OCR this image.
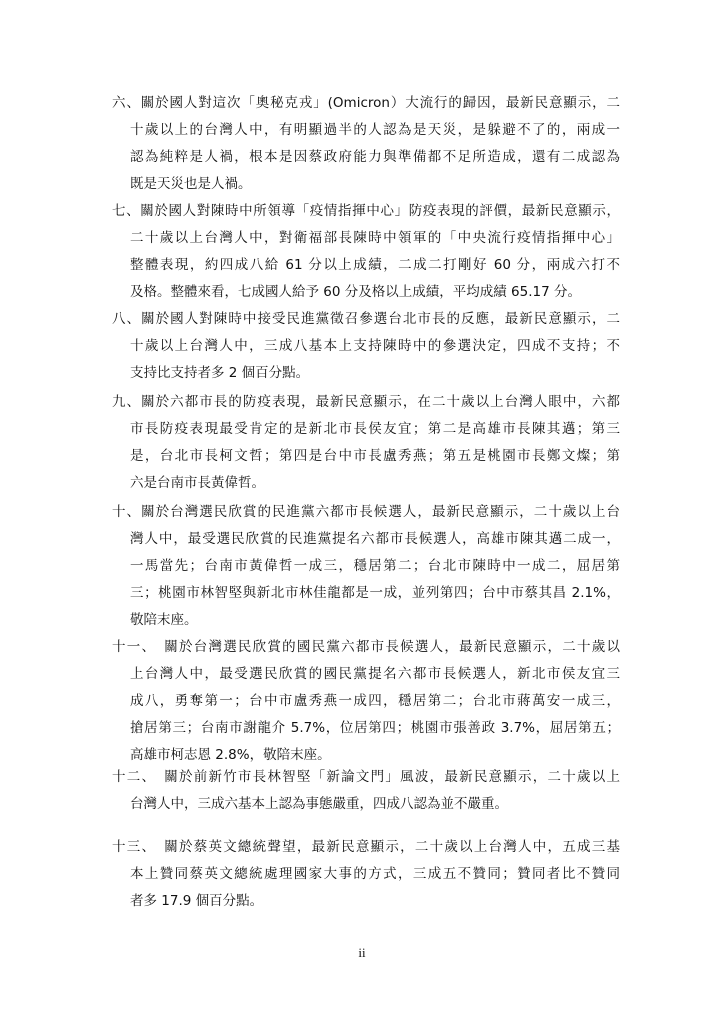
六、關於國人對這次「奧秘克戎」(Omicron）大流行的歸因，最新民意顯示，二
十歲以上的台灣人中，有明顯過半的人認為是天災，是躲避不了的，兩成一
認為純粹是人禍，根本是因蔡政府能力與準備都不足所造成，還有二成認為
既是天災也是人禍。
七、關於國人對陳時中所領導「疫情指揮中心」防疫表現的評價，最新民意顯示，
二十歲以上台灣人中，對衛福部長陳時中領軍的「中央流行疫情指揮中心」
整體表現，約四成八給 61 分以上成績，二成二打剛好 60 分，兩成六打不
及格。整體來看，七成國人給予 60 分及格以上成績，平均成績 65.17 分。
八、關於國人對陳時中接受民進黨徵召參選台北市長的反應，最新民意顯示，二
十歲以上台灣人中，三成八基本上支持陳時中的參選決定，四成不支持；不
支持比支持者多 2 個百分點。
九、關於六都市長的防疫表現，最新民意顯示，在二十歲以上台灣人眼中，六都
市長防疫表現最受肯定的是新北市長侯友宜；第二是高雄市長陳其邁；第三
是，台北市長柯文哲；第四是台中市長盧秀燕；第五是桃園市長鄭文燦；第
六是台南市長黃偉哲。
十、關於台灣選民欣賞的民進黨六都市長候選人，最新民意顯示，二十歲以上台
灣人中，最受選民欣賞的民進黨提名六都市長候選人，高雄市陳其邁二成一，
一馬當先；台南市黃偉哲一成三，穩居第二；台北市陳時中一成二，屈居第
三；桃園市林智堅與新北市林佳龍都是一成，並列第四；台中市蔡其昌 2.1%，
敬陪末座。
十一、　關於台灣選民欣賞的國民黨六都市長候選人，最新民意顯示，二十歲以
上台灣人中，最受選民欣賞的國民黨提名六都市長候選人，新北市侯友宜三
成八，勇奪第一；台中市盧秀燕一成四，穩居第二；台北市蔣萬安一成三，
搶居第三；台南市謝龍介 5.7%，位居第四；桃園市張善政 3.7%，屈居第五；
高雄市柯志恩 2.8%，敬陪末座。
十二、　關於前新竹市長林智堅「新論文門」風波，最新民意顯示，二十歲以上
台灣人中，三成六基本上認為事態嚴重，四成八認為並不嚴重。
十三、　關於蔡英文總統聲望，最新民意顯示，二十歲以上台灣人中，五成三基
本上贊同蔡英文總統處理國家大事的方式，三成五不贊同；贊同者比不贊同
者多 17.9 個百分點。
ii
